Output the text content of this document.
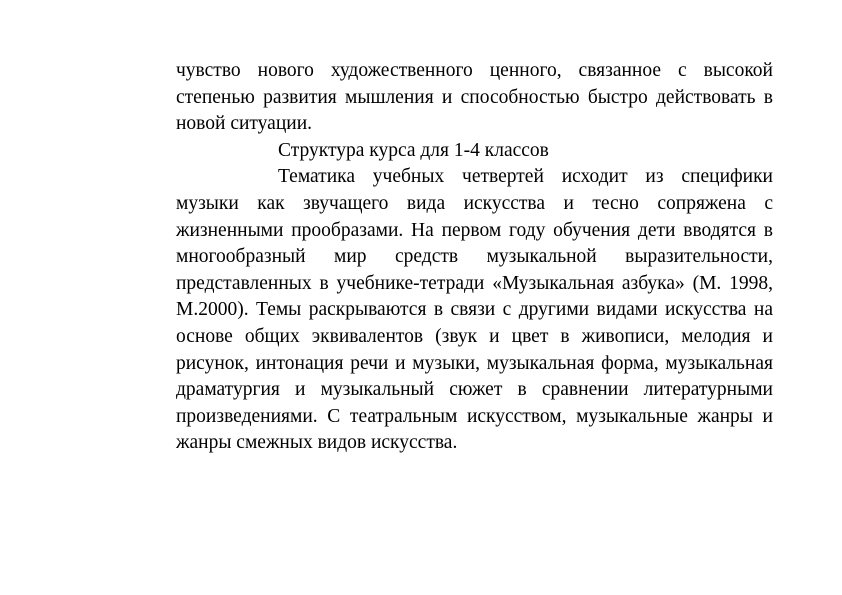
чувство нового художественного ценного, связанное с высокой степенью развития мышления и способностью быстро действовать в новой ситуации.

Структура курса для 1-4 классов

Тематика учебных четвертей исходит из специфики музыки как звучащего вида искусства и тесно сопряжена с жизненными прообразами. На первом году обучения дети вводятся в многообразный мир средств музыкальной выразительности, представленных в учебнике-тетради «Музыкальная азбука» (М. 1998, М.2000). Темы раскрываются в связи с другими видами искусства на основе общих эквивалентов (звук и цвет в живописи, мелодия и рисунок, интонация речи и музыки, музыкальная форма, музыкальная драматургия и музыкальный сюжет в сравнении литературными произведениями. С театральным искусством, музыкальные жанры и жанры смежных видов искусства.
